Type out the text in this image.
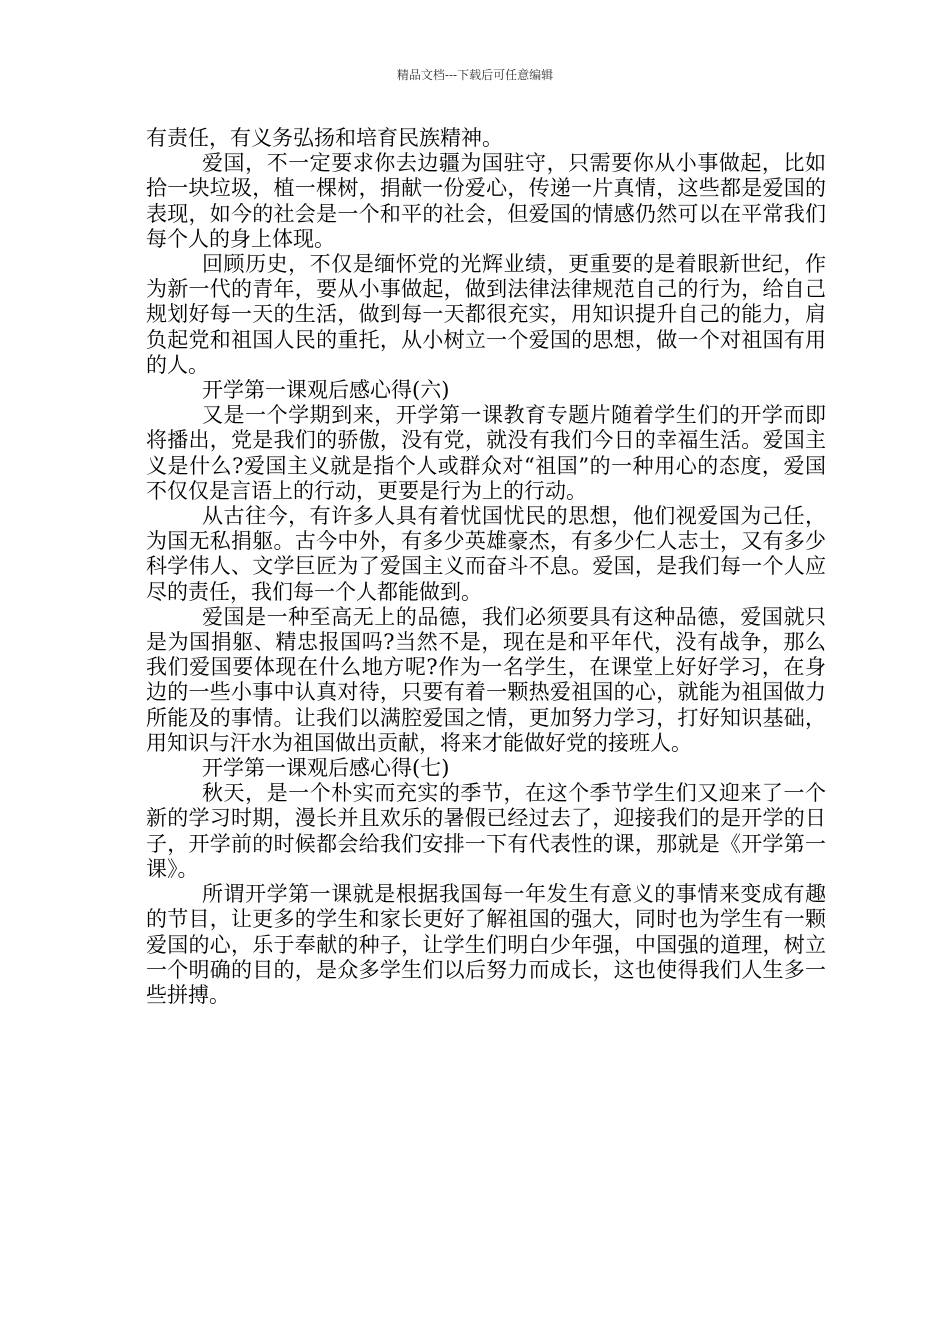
精品文档---下载后可任意编辑

有责任，有义务弘扬和培育民族精神。

爱国，不一定要求你去边疆为国驻守，只需要你从小事做起，比如拾一块垃圾，植一棵树，捐献一份爱心，传递一片真情，这些都是爱国的表现，如今的社会是一个和平的社会，但爱国的情感仍然可以在平常我们每个人的身上体现。

回顾历史，不仅是缅怀党的光辉业绩，更重要的是着眼新世纪，作为新一代的青年，要从小事做起，做到法律法律规范自己的行为，给自己规划好每一天的生活，做到每一天都很充实，用知识提升自己的能力，肩负起党和祖国人民的重托，从小树立一个爱国的思想，做一个对祖国有用的人。

开学第一课观后感心得(六)

又是一个学期到来，开学第一课教育专题片随着学生们的开学而即将播出，党是我们的骄傲，没有党，就没有我们今日的幸福生活。爱国主义是什么?爱国主义就是指个人或群众对“祖国”的一种用心的态度，爱国不仅仅是言语上的行动，更要是行为上的行动。

从古往今，有许多人具有着忧国忧民的思想，他们视爱国为己任，为国无私捐躯。古今中外，有多少英雄豪杰，有多少仁人志士，又有多少科学伟人、文学巨匠为了爱国主义而奋斗不息。爱国，是我们每一个人应尽的责任，我们每一个人都能做到。

爱国是一种至高无上的品德，我们必须要具有这种品德，爱国就只是为国捐躯、精忠报国吗?当然不是，现在是和平年代，没有战争，那么我们爱国要体现在什么地方呢?作为一名学生，在课堂上好好学习，在身边的一些小事中认真对待，只要有着一颗热爱祖国的心，就能为祖国做力所能及的事情。让我们以满腔爱国之情，更加努力学习，打好知识基础，用知识与汗水为祖国做出贡献，将来才能做好党的接班人。

开学第一课观后感心得(七)

秋天，是一个朴实而充实的季节，在这个季节学生们又迎来了一个新的学习时期，漫长并且欢乐的暑假已经过去了，迎接我们的是开学的日子，开学前的时候都会给我们安排一下有代表性的课，那就是《开学第一课》。

所谓开学第一课就是根据我国每一年发生有意义的事情来变成有趣的节目，让更多的学生和家长更好了解祖国的强大，同时也为学生有一颗爱国的心，乐于奉献的种子，让学生们明白少年强，中国强的道理，树立一个明确的目的，是众多学生们以后努力而成长，这也使得我们人生多一些拼搏。
